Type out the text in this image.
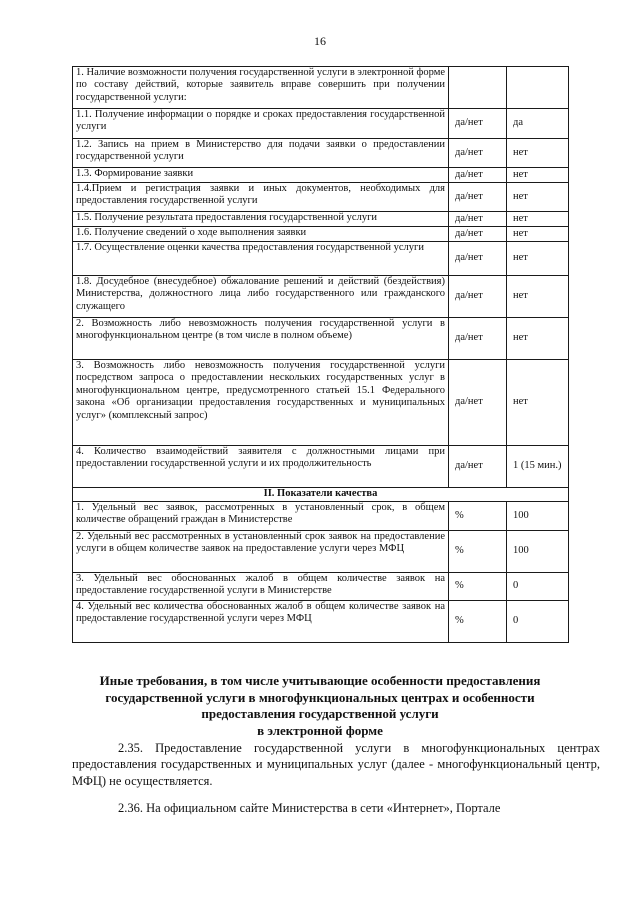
16
1. Наличие возможности получения государственной услуги в электронной форме по составу действий, которые заявитель вправе совершить при получении государственной услуги:		
1.1. Получение информации о порядке и сроках предоставления государственной услуги	да/нет	да
1.2. Запись на прием в Министерство для подачи заявки о предоставлении государственной услуги	да/нет	нет
1.3. Формирование заявки	да/нет	нет
1.4.Прием и регистрация заявки и иных документов, необходимых для предоставления государственной услуги	да/нет	нет
1.5. Получение результата предоставления государственной услуги	да/нет	нет
1.6. Получение сведений о ходе выполнения заявки	да/нет	нет
1.7. Осуществление оценки качества предоставления государственной услуги	да/нет	нет
1.8. Досудебное (внесудебное) обжалование решений и действий (бездействия) Министерства, должностного лица либо государственного или гражданского служащего	да/нет	нет
2. Возможность либо невозможность получения государственной услуги в многофункциональном центре (в том числе в полном объеме)	да/нет	нет
3. Возможность либо невозможность получения государственной услуги посредством запроса о предоставлении нескольких государственных услуг в многофункциональном центре, предусмотренного статьей 15.1 Федерального закона «Об организации предоставления государственных и муниципальных услуг» (комплексный запрос)	да/нет	нет
4. Количество взаимодействий заявителя с должностными лицами при предоставлении государственной услуги и их продолжительность	да/нет	1 (15 мин.)
II. Показатели качества		
1. Удельный вес заявок, рассмотренных в установленный срок, в общем количестве обращений граждан в Министерстве	%	100
2. Удельный вес рассмотренных в установленный срок заявок на предоставление услуги в общем количестве заявок на предоставление услуги через МФЦ	%	100
3. Удельный вес обоснованных жалоб в общем количестве заявок на предоставление государственной услуги в Министерстве	%	0
4. Удельный вес количества обоснованных жалоб в общем количестве заявок на предоставление государственной услуги через МФЦ	%	0
Иные требования, в том числе учитывающие особенности предоставления
государственной услуги в многофункциональных центрах и особенности
предоставления государственной услуги
в электронной форме

2.35. Предоставление государственной услуги в многофункциональных центрах предоставления государственных и муниципальных услуг (далее - многофункциональный центр, МФЦ) не осуществляется.

2.36. На официальном сайте Министерства в сети «Интернет», Портале
